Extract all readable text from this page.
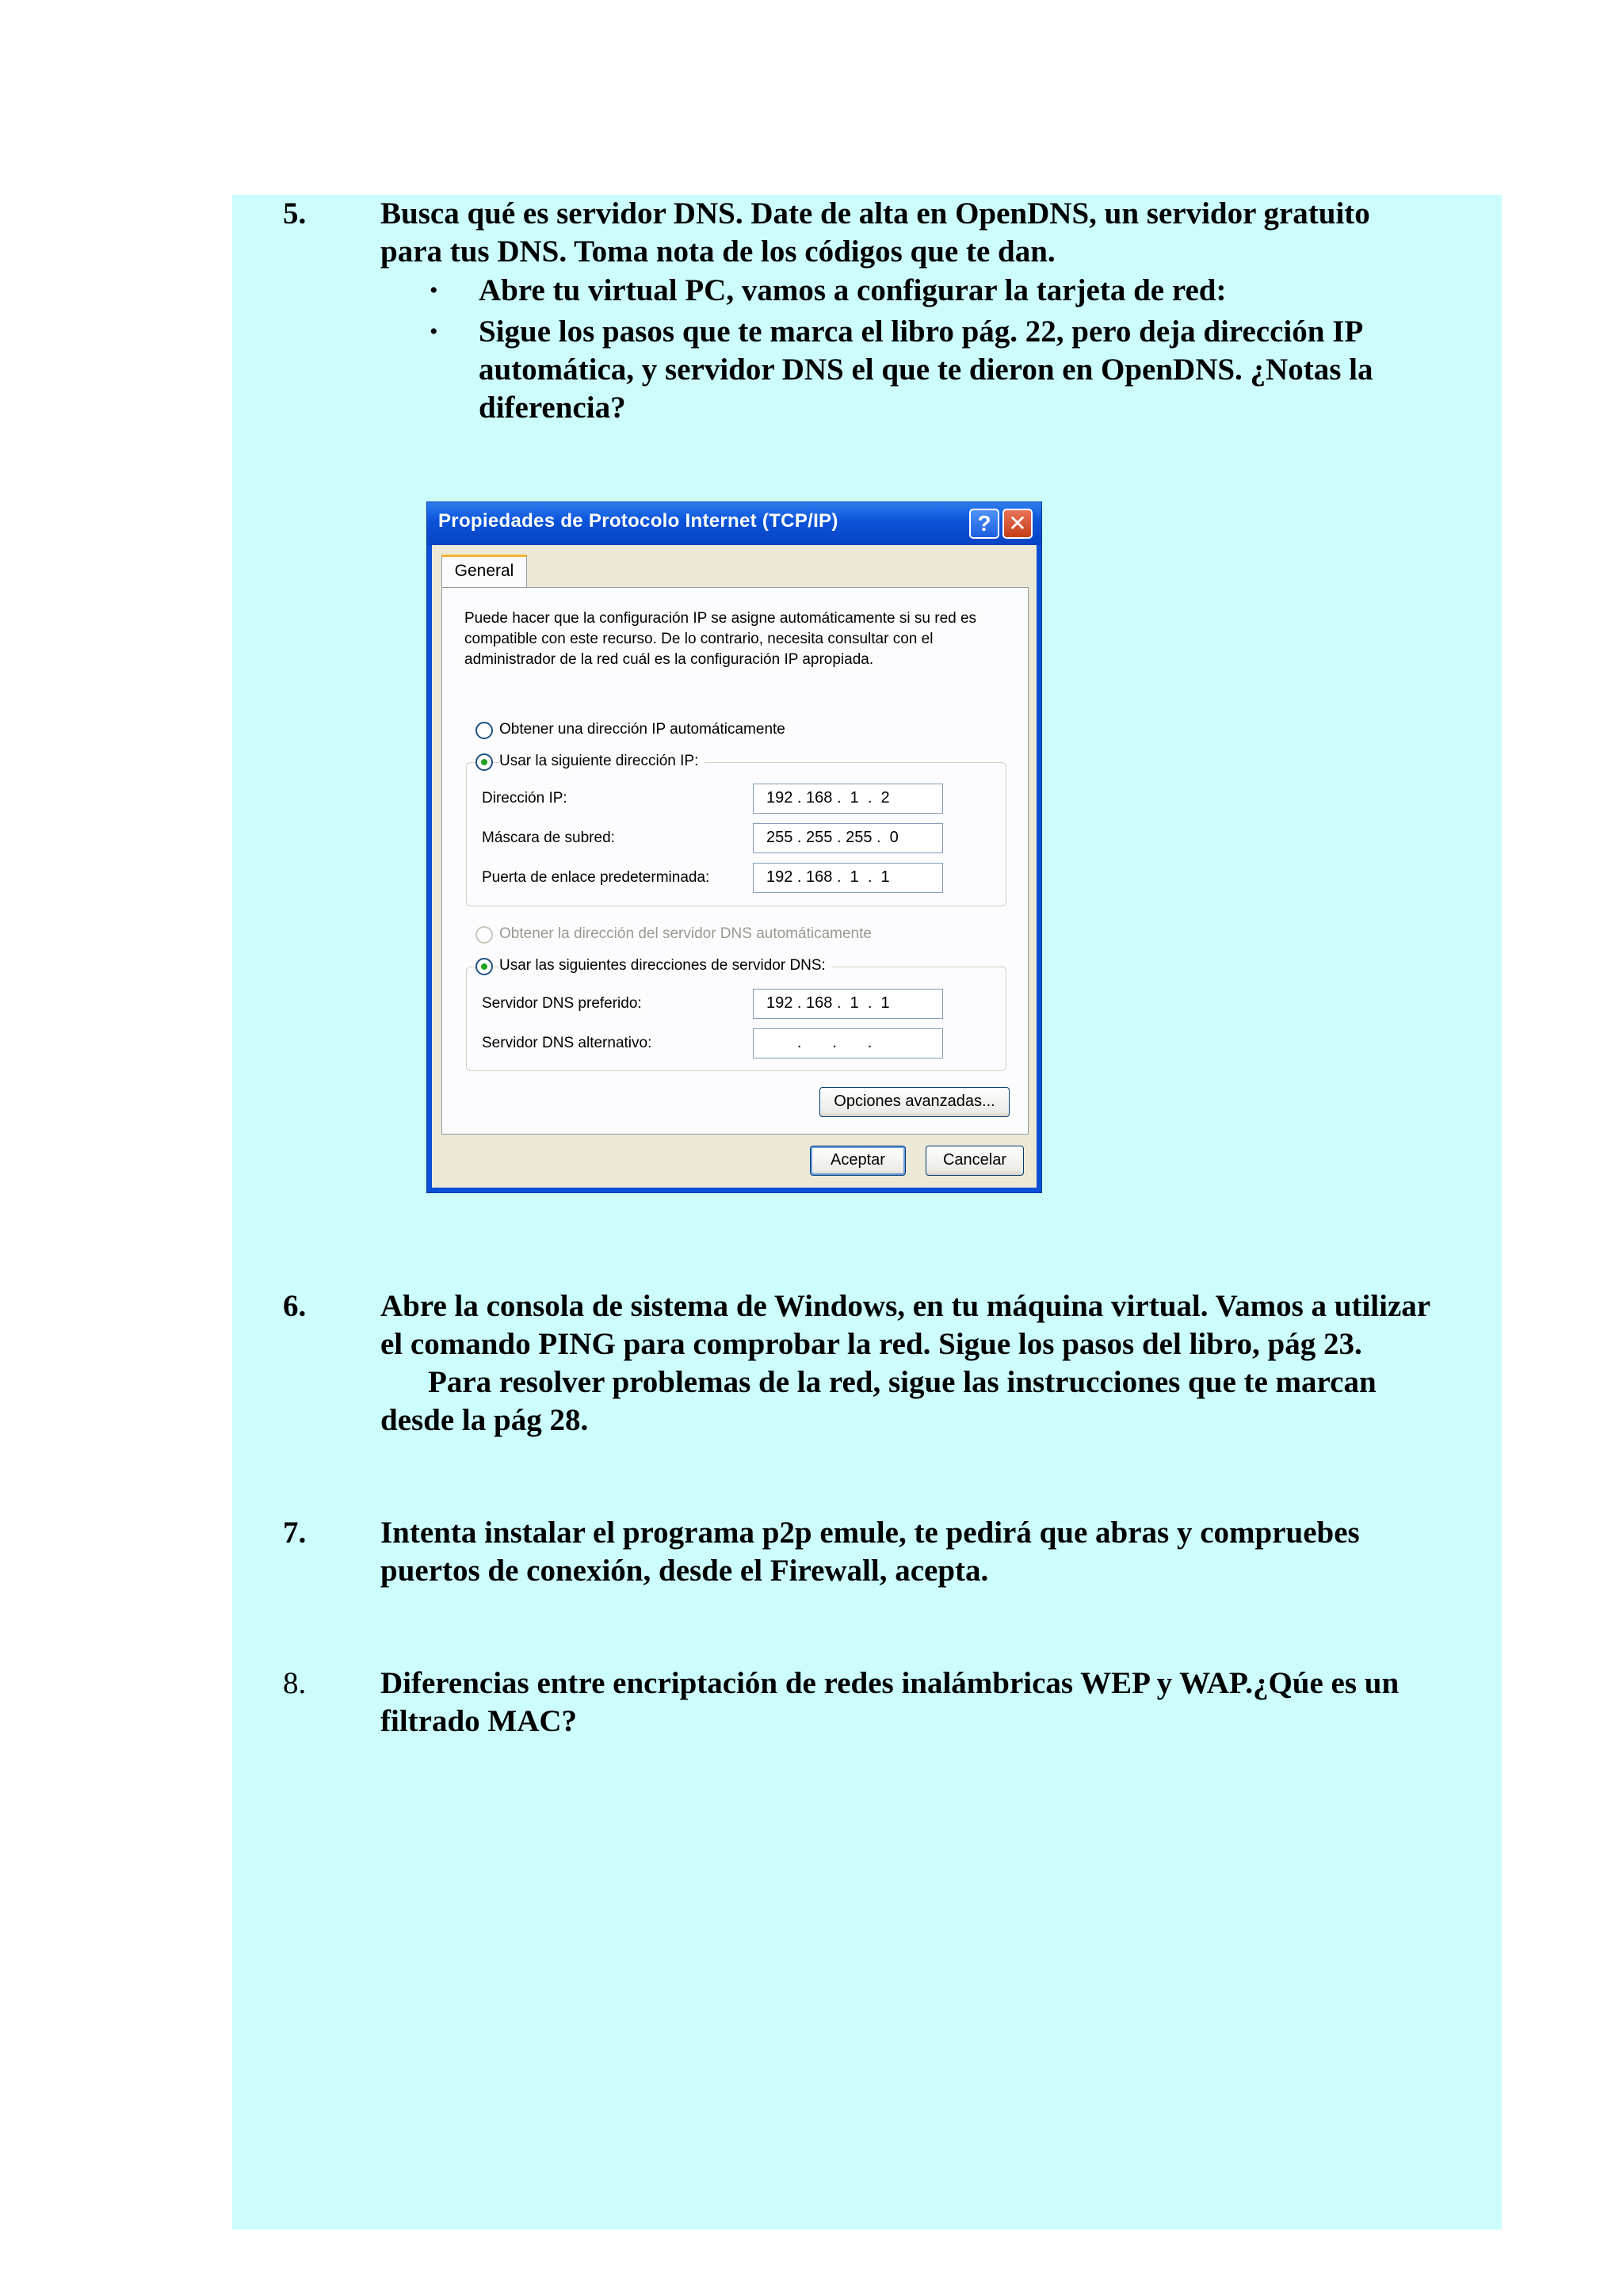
5. Busca qué es servidor DNS. Date de alta en OpenDNS, un servidor gratuito
para tus DNS. Toma nota de los códigos que te dan.
• Abre tu virtual PC, vamos a configurar la tarjeta de red:
• Sigue los pasos que te marca el libro pág. 22, pero deja dirección IP
automática, y servidor DNS el que te dieron en OpenDNS. ¿Notas la
diferencia?
Propiedades de Protocolo Internet (TCP/IP)	? ✕
General
Puede hacer que la configuración IP se asigne automáticamente si su red es compatible con este recurso. De lo contrario, necesita consultar con el administrador de la red cuál es la configuración IP apropiada.
Obtener una dirección IP automáticamente
Usar la siguiente dirección IP:
Dirección IP:	192 . 168 .  1  .  2
Máscara de subred:	255 . 255 . 255 .  0
Puerta de enlace predeterminada:	192 . 168 .  1  .  1
Obtener la dirección del servidor DNS automáticamente
Usar las siguientes direcciones de servidor DNS:
Servidor DNS preferido:	192 . 168 .  1  .  1
Servidor DNS alternativo:	.       .       .
Opciones avanzadas...
Aceptar	Cancelar
6. Abre la consola de sistema de Windows, en tu máquina virtual. Vamos a utilizar
el comando PING para comprobar la red. Sigue los pasos del libro, pág 23.
Para resolver problemas de la red, sigue las instrucciones que te marcan
desde la pág 28.
7. Intenta instalar el programa p2p emule, te pedirá que abras y compruebes
puertos de conexión, desde el Firewall, acepta.
8. Diferencias entre encriptación de redes inalámbricas WEP y WAP.¿Qúe es un
filtrado MAC?
